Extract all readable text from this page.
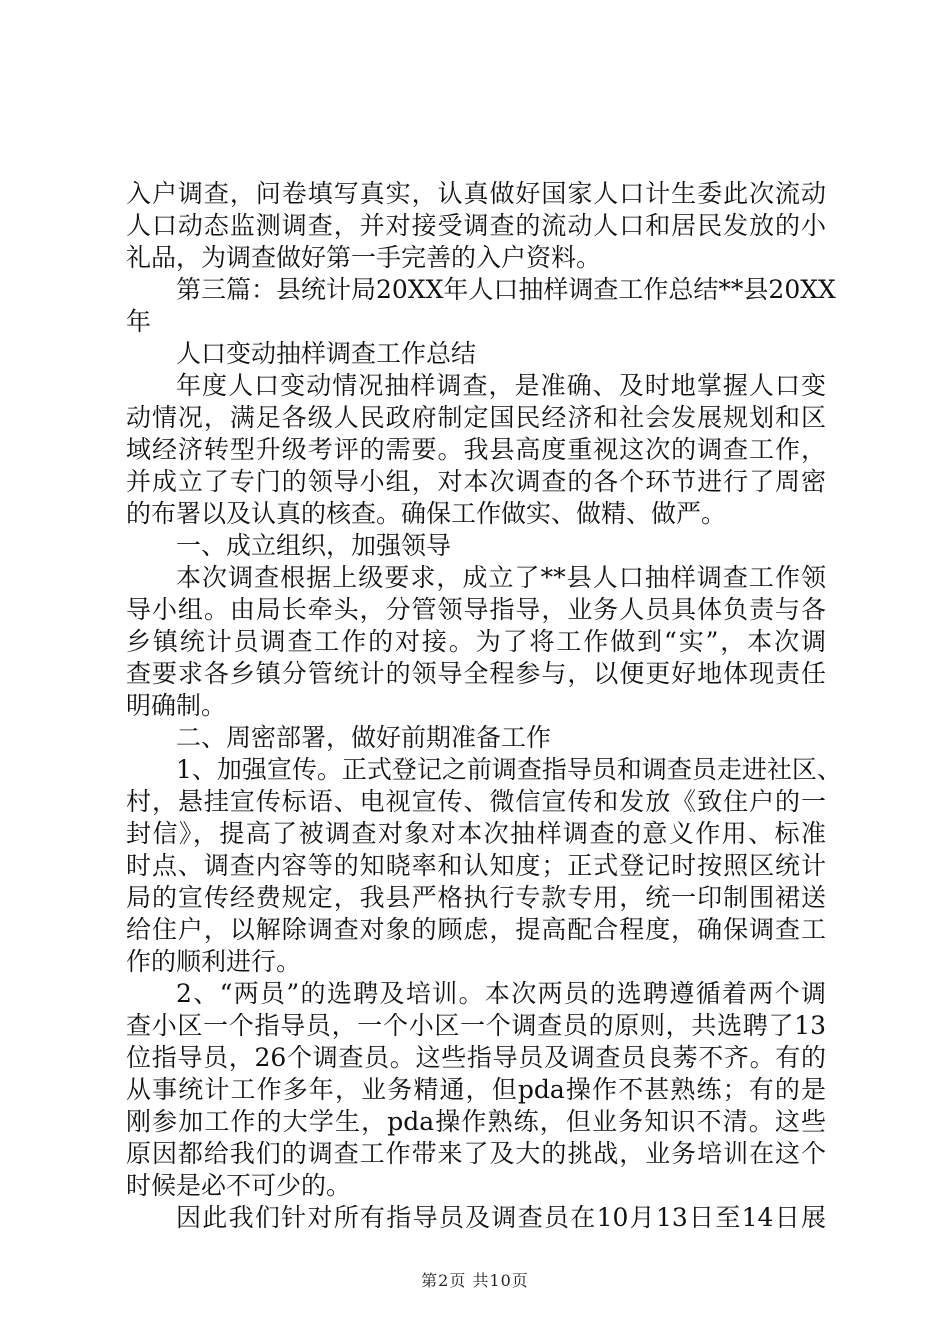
入户调查，问卷填写真实，认真做好国家人口计生委此次流动
人口动态监测调查，并对接受调查的流动人口和居民发放的小
礼品，为调查做好第一手完善的入户资料。
第三篇：县统计局20XX年人口抽样调查工作总结**县20XX
年
人口变动抽样调查工作总结
年度人口变动情况抽样调查，是准确、及时地掌握人口变
动情况，满足各级人民政府制定国民经济和社会发展规划和区
域经济转型升级考评的需要。我县高度重视这次的调查工作，
并成立了专门的领导小组，对本次调查的各个环节进行了周密
的布署以及认真的核查。确保工作做实、做精、做严。
一、成立组织，加强领导
本次调查根据上级要求，成立了**县人口抽样调查工作领
导小组。由局长牵头，分管领导指导，业务人员具体负责与各
乡镇统计员调查工作的对接。为了将工作做到“实”，本次调
查要求各乡镇分管统计的领导全程参与，以便更好地体现责任
明确制。
二、周密部署，做好前期准备工作
1、加强宣传。正式登记之前调查指导员和调查员走进社区、
村，悬挂宣传标语、电视宣传、微信宣传和发放《致住户的一
封信》，提高了被调查对象对本次抽样调查的意义作用、标准
时点、调查内容等的知晓率和认知度；正式登记时按照区统计
局的宣传经费规定，我县严格执行专款专用，统一印制围裙送
给住户，以解除调查对象的顾虑，提高配合程度，确保调查工
作的顺利进行。
2、“两员”的选聘及培训。本次两员的选聘遵循着两个调
查小区一个指导员，一个小区一个调查员的原则，共选聘了13
位指导员，26个调查员。这些指导员及调查员良莠不齐。有的
从事统计工作多年，业务精通，但pda操作不甚熟练；有的是
刚参加工作的大学生，pda操作熟练，但业务知识不清。这些
原因都给我们的调查工作带来了及大的挑战，业务培训在这个
时候是必不可少的。
因此我们针对所有指导员及调查员在10月13日至14日展
第2页 共10页
